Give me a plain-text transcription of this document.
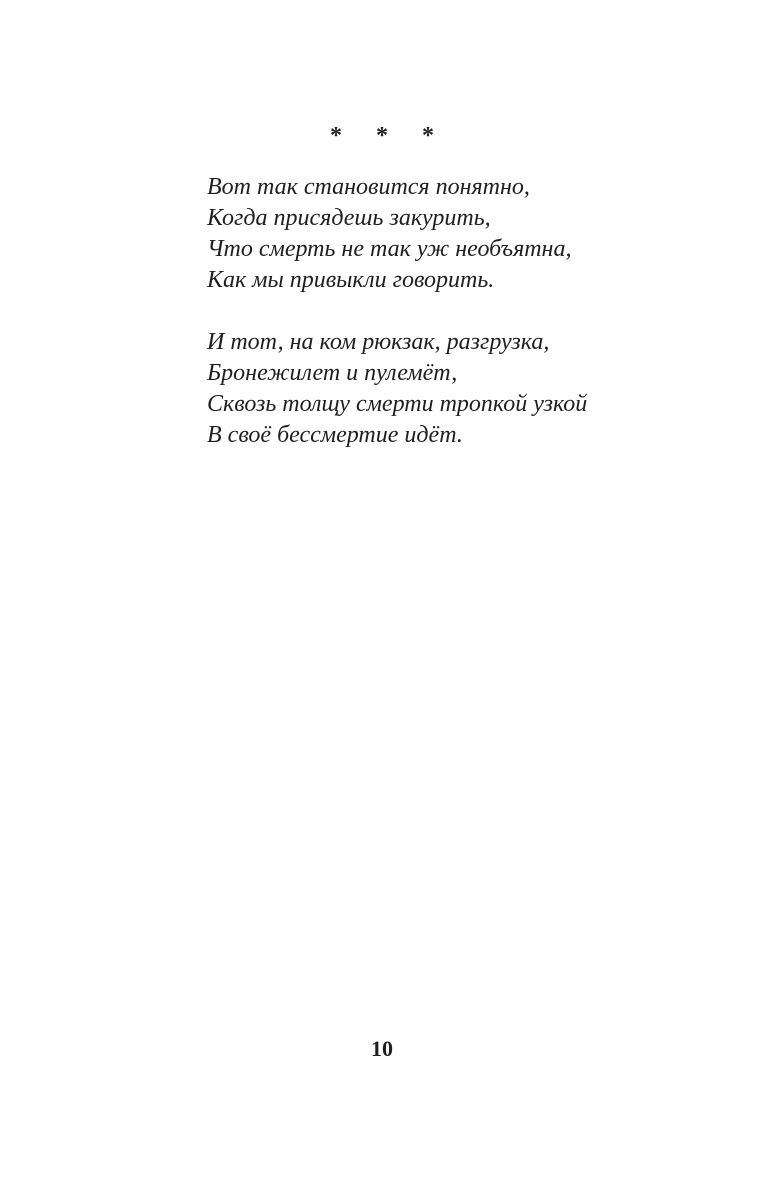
* * *
Вот так становится понятно,
Когда присядешь закурить,
Что смерть не так уж необъятна,
Как мы привыкли говорить.
И тот, на ком рюкзак, разгрузка,
Бронежилет и пулемёт,
Сквозь толщу смерти тропкой узкой
В своё бессмертие идёт.
10
